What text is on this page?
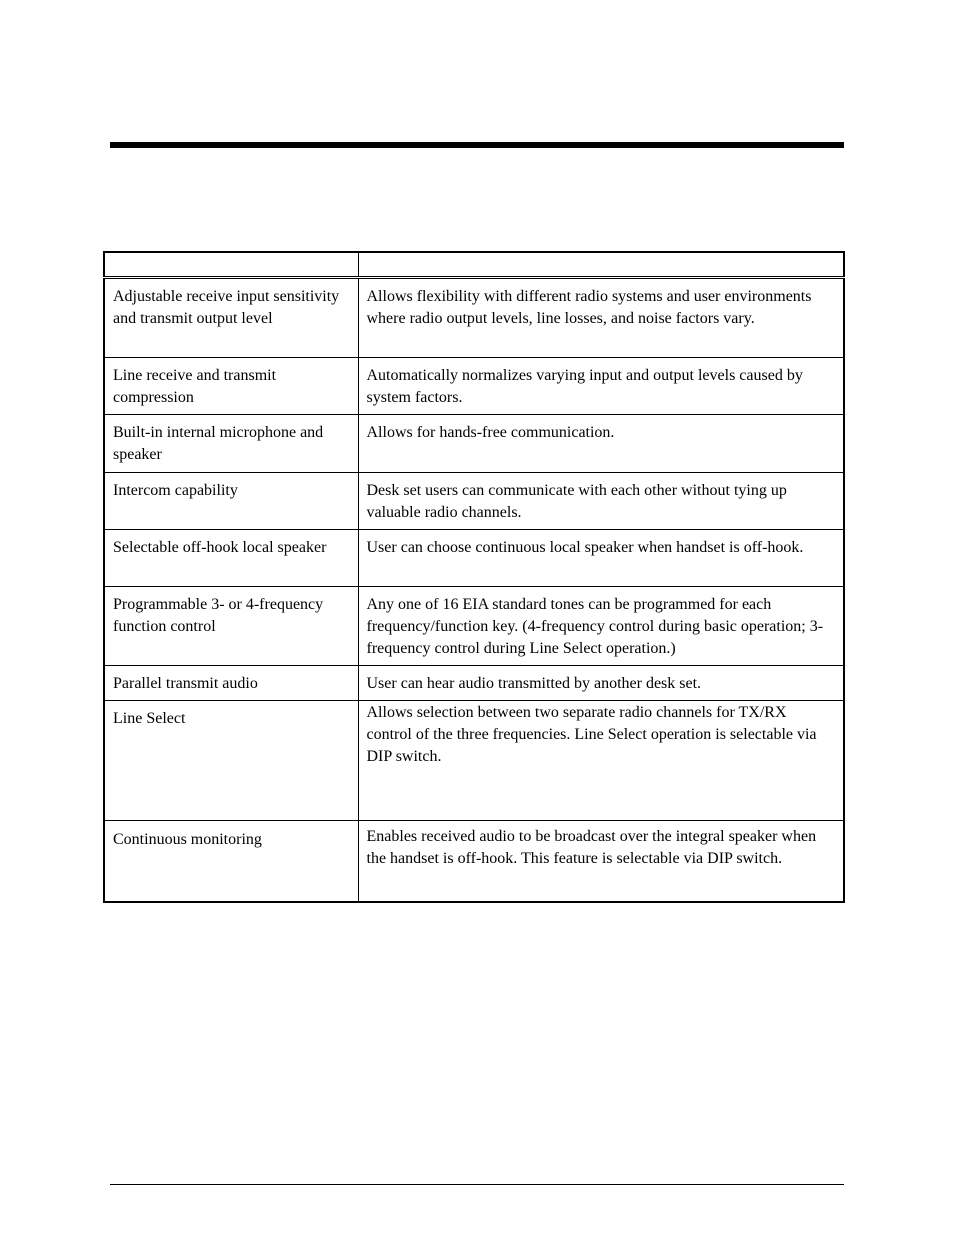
Adjustable receive input sensitivity and transmit output level	Allows flexibility with different radio systems and user environments where radio output levels, line losses, and noise factors vary.
Line receive and transmit compression	Automatically normalizes varying input and output levels caused by system factors.
Built-in internal microphone and speaker	Allows for hands-free communication.
Intercom capability	Desk set users can communicate with each other without tying up valuable radio channels.
Selectable off-hook local speaker	User can choose continuous local speaker when handset is off-hook.
Programmable 3- or 4-frequency function control	Any one of 16 EIA standard tones can be programmed for each frequency/function key. (4-frequency control during basic operation; 3-frequency control during Line Select operation.)
Parallel transmit audio	User can hear audio transmitted by another desk set.
Line Select	Allows selection between two separate radio channels for TX/RX control of the three frequencies. Line Select operation is selectable via DIP switch.
Continuous monitoring	Enables received audio to be broadcast over the integral speaker when the handset is off-hook. This feature is selectable via DIP switch.
